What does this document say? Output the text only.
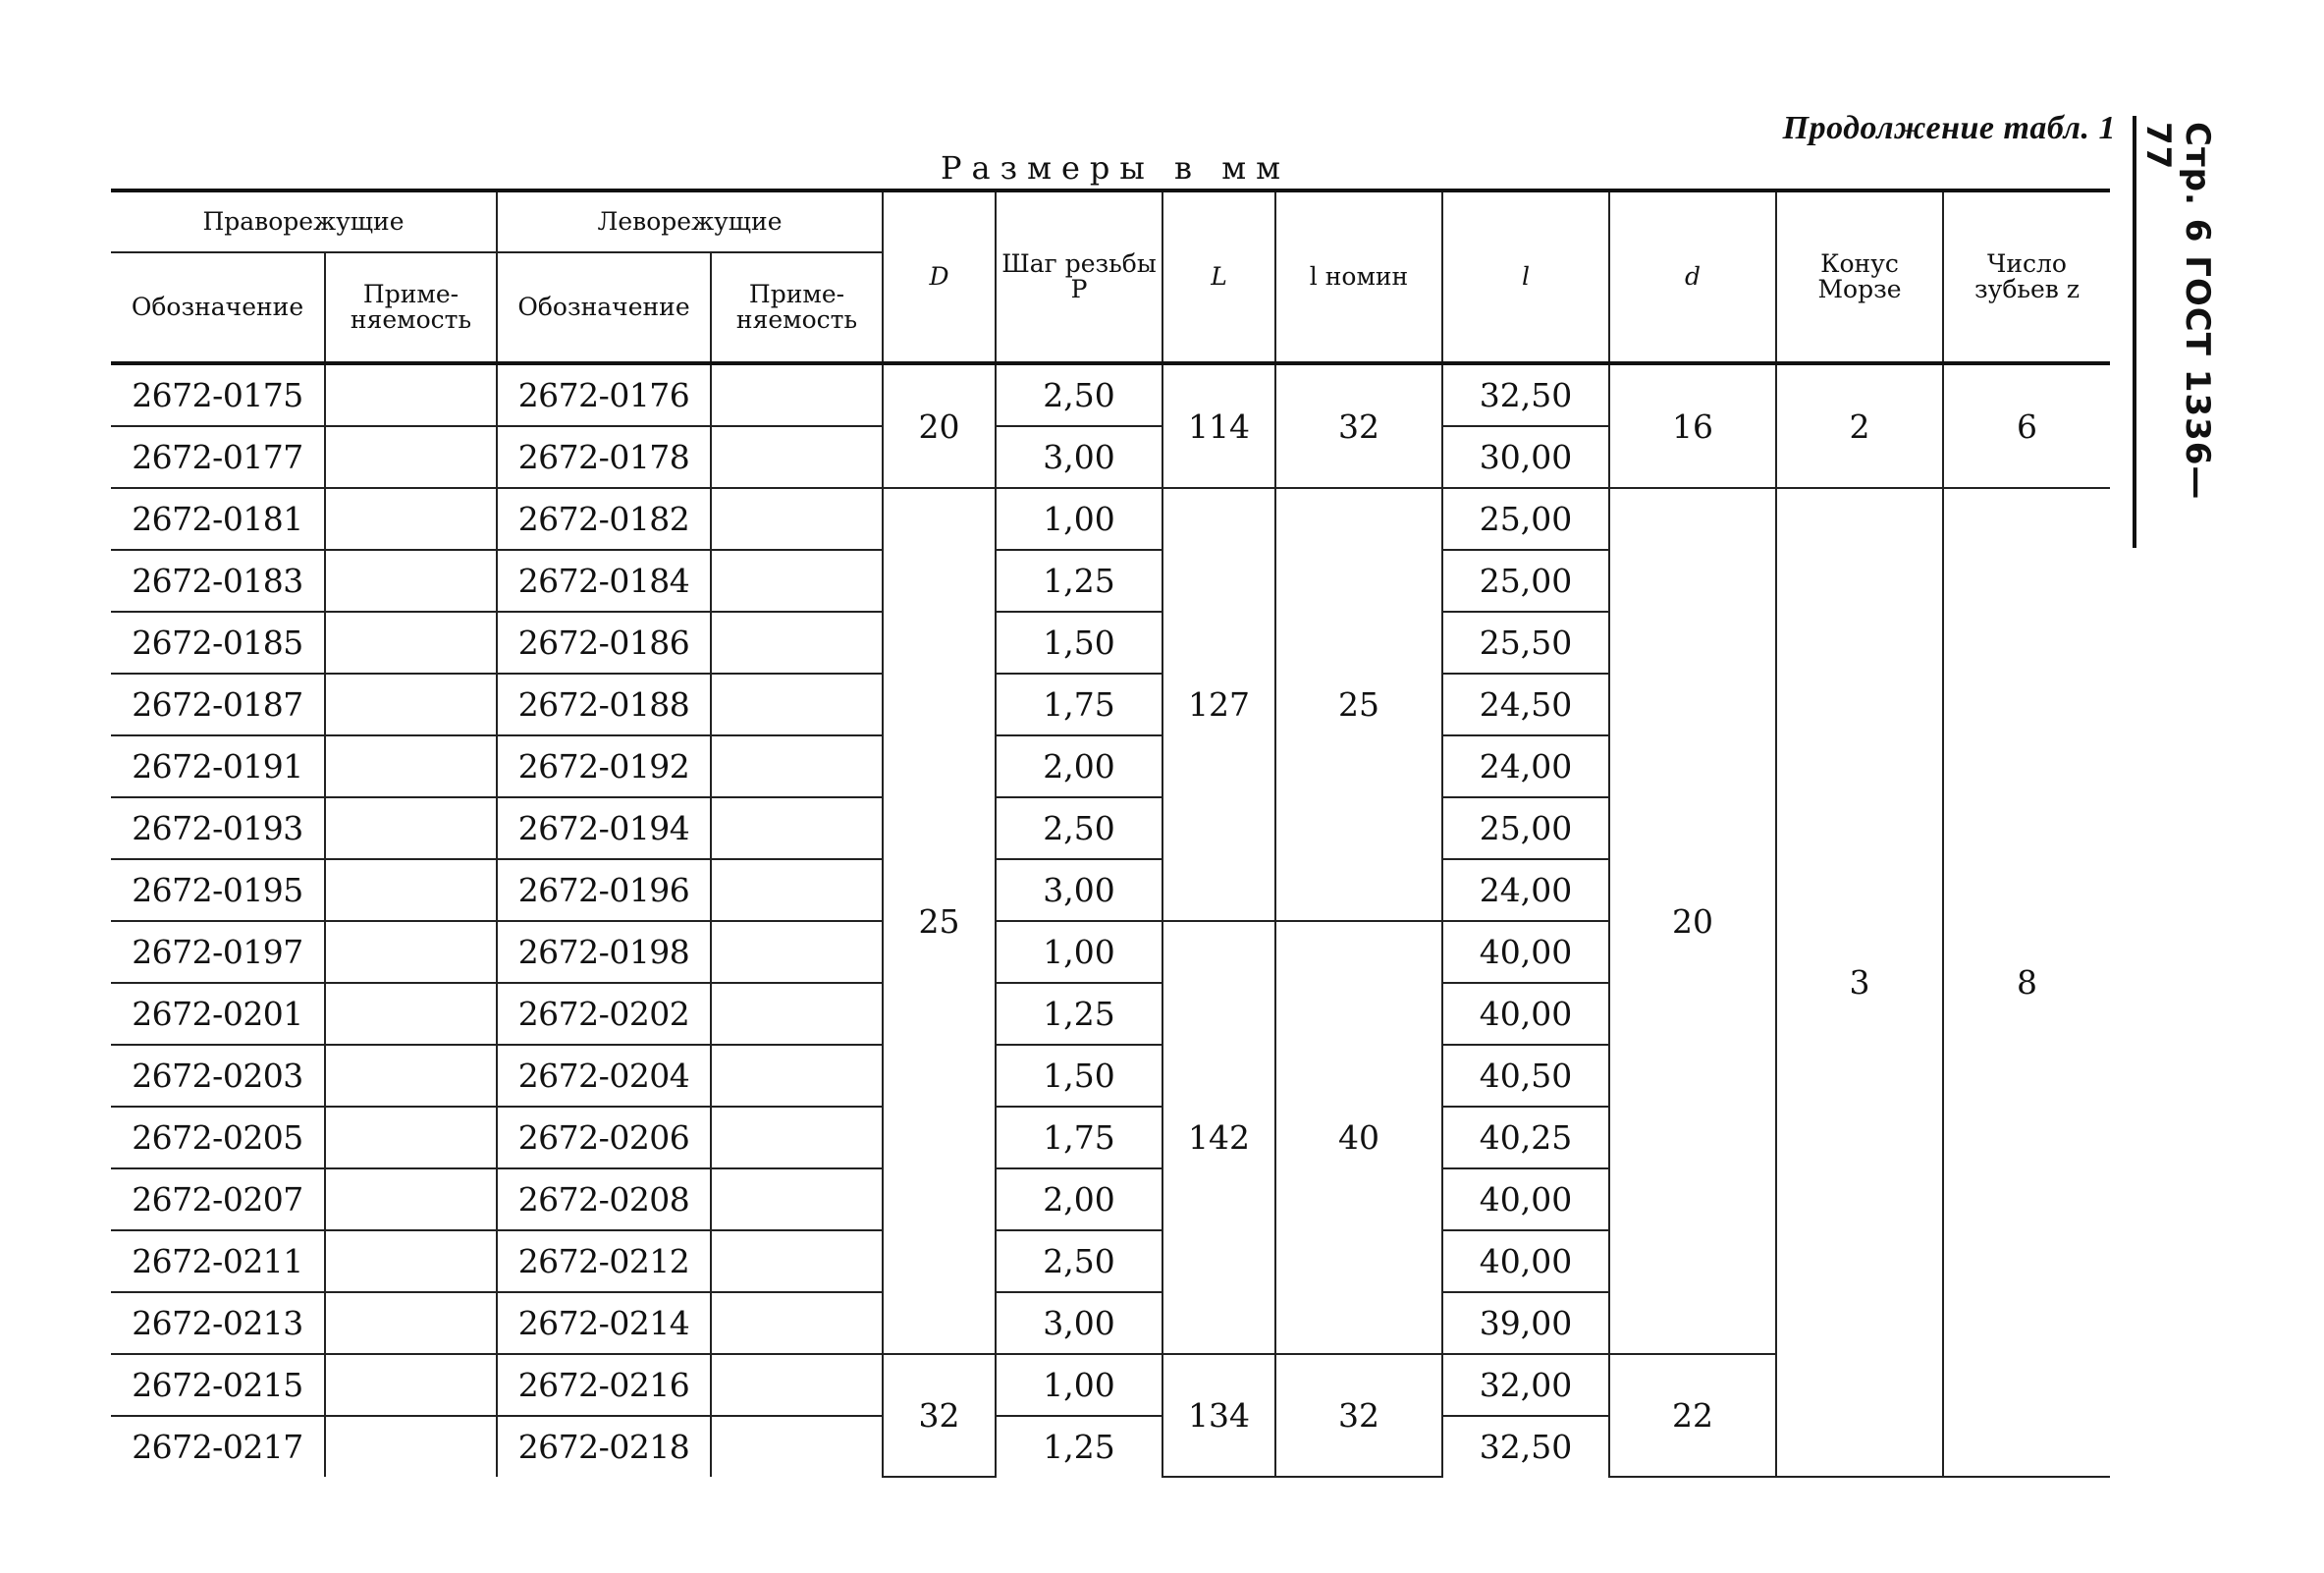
Продолжение табл. 1
Размеры в мм	Стр. 6 ГОСТ 1336—77
Праворежущие		Леворежущие		D	Шаг резьбы P	L	l номин	l	d	Конус Морзе	Число зубьев z
Обозначение	Приме-няемость	Обозначение	Приме-няемость								
2672-0175		2672-0176		20	2,50	114	32	32,50	16	2	6
2672-0177		2672-0178			3,00			30,00			
2672-0181		2672-0182		25	1,00	127	25	25,00	20	3	8
2672-0183		2672-0184			1,25			25,00			
2672-0185		2672-0186			1,50			25,50			
2672-0187		2672-0188			1,75			24,50			
2672-0191		2672-0192			2,00			24,00			
2672-0193		2672-0194			2,50			25,00			
2672-0195		2672-0196			3,00			24,00			
2672-0197		2672-0198			1,00	142	40	40,00			
2672-0201		2672-0202			1,25			40,00			
2672-0203		2672-0204			1,50			40,50			
2672-0205		2672-0206			1,75			40,25			
2672-0207		2672-0208			2,00			40,00			
2672-0211		2672-0212			2,50			40,00			
2672-0213		2672-0214			3,00			39,00			
2672-0215		2672-0216		32	1,00	134	32	32,00	22		
2672-0217		2672-0218			1,25			32,50			
